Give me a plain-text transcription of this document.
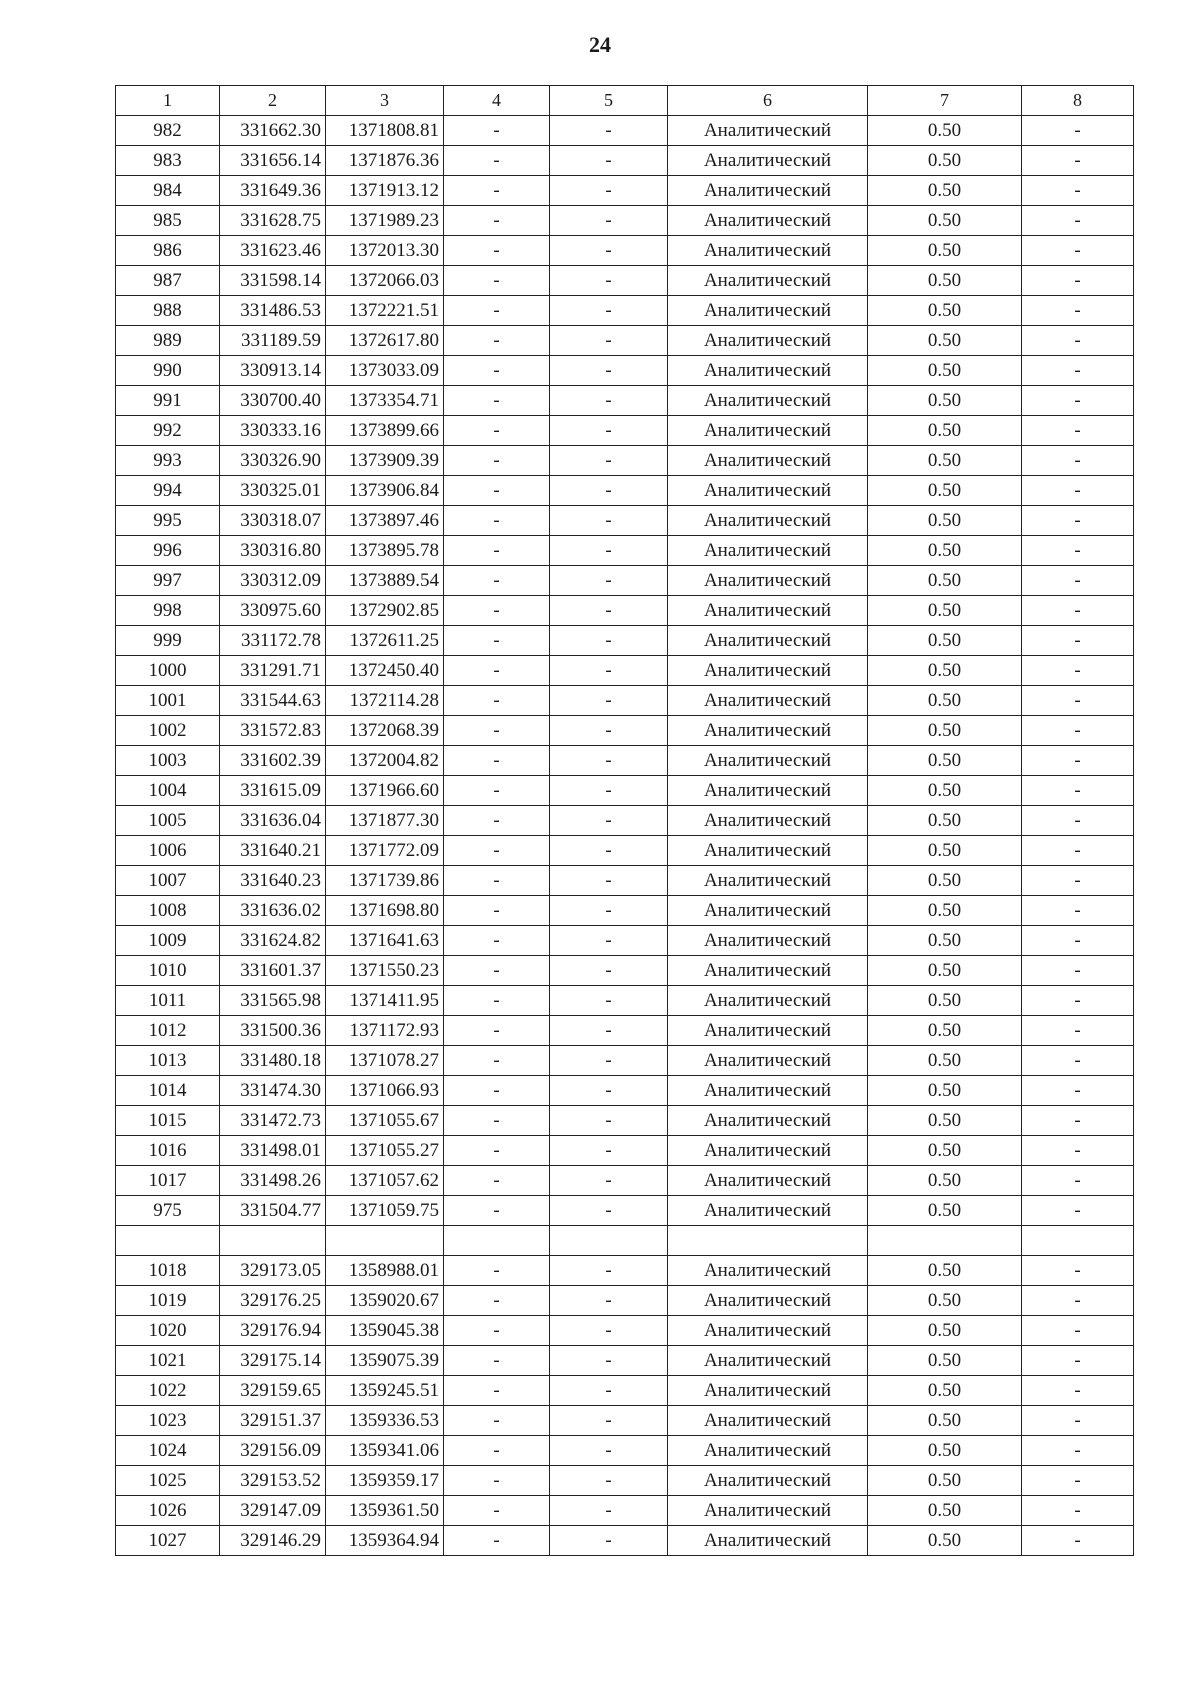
24
1	2	3	4	5	6	7	8
982	331662.30	1371808.81	-	-	Аналитический	0.50	-
983	331656.14	1371876.36	-	-	Аналитический	0.50	-
984	331649.36	1371913.12	-	-	Аналитический	0.50	-
985	331628.75	1371989.23	-	-	Аналитический	0.50	-
986	331623.46	1372013.30	-	-	Аналитический	0.50	-
987	331598.14	1372066.03	-	-	Аналитический	0.50	-
988	331486.53	1372221.51	-	-	Аналитический	0.50	-
989	331189.59	1372617.80	-	-	Аналитический	0.50	-
990	330913.14	1373033.09	-	-	Аналитический	0.50	-
991	330700.40	1373354.71	-	-	Аналитический	0.50	-
992	330333.16	1373899.66	-	-	Аналитический	0.50	-
993	330326.90	1373909.39	-	-	Аналитический	0.50	-
994	330325.01	1373906.84	-	-	Аналитический	0.50	-
995	330318.07	1373897.46	-	-	Аналитический	0.50	-
996	330316.80	1373895.78	-	-	Аналитический	0.50	-
997	330312.09	1373889.54	-	-	Аналитический	0.50	-
998	330975.60	1372902.85	-	-	Аналитический	0.50	-
999	331172.78	1372611.25	-	-	Аналитический	0.50	-
1000	331291.71	1372450.40	-	-	Аналитический	0.50	-
1001	331544.63	1372114.28	-	-	Аналитический	0.50	-
1002	331572.83	1372068.39	-	-	Аналитический	0.50	-
1003	331602.39	1372004.82	-	-	Аналитический	0.50	-
1004	331615.09	1371966.60	-	-	Аналитический	0.50	-
1005	331636.04	1371877.30	-	-	Аналитический	0.50	-
1006	331640.21	1371772.09	-	-	Аналитический	0.50	-
1007	331640.23	1371739.86	-	-	Аналитический	0.50	-
1008	331636.02	1371698.80	-	-	Аналитический	0.50	-
1009	331624.82	1371641.63	-	-	Аналитический	0.50	-
1010	331601.37	1371550.23	-	-	Аналитический	0.50	-
1011	331565.98	1371411.95	-	-	Аналитический	0.50	-
1012	331500.36	1371172.93	-	-	Аналитический	0.50	-
1013	331480.18	1371078.27	-	-	Аналитический	0.50	-
1014	331474.30	1371066.93	-	-	Аналитический	0.50	-
1015	331472.73	1371055.67	-	-	Аналитический	0.50	-
1016	331498.01	1371055.27	-	-	Аналитический	0.50	-
1017	331498.26	1371057.62	-	-	Аналитический	0.50	-
975	331504.77	1371059.75	-	-	Аналитический	0.50	-

1018	329173.05	1358988.01	-	-	Аналитический	0.50	-
1019	329176.25	1359020.67	-	-	Аналитический	0.50	-
1020	329176.94	1359045.38	-	-	Аналитический	0.50	-
1021	329175.14	1359075.39	-	-	Аналитический	0.50	-
1022	329159.65	1359245.51	-	-	Аналитический	0.50	-
1023	329151.37	1359336.53	-	-	Аналитический	0.50	-
1024	329156.09	1359341.06	-	-	Аналитический	0.50	-
1025	329153.52	1359359.17	-	-	Аналитический	0.50	-
1026	329147.09	1359361.50	-	-	Аналитический	0.50	-
1027	329146.29	1359364.94	-	-	Аналитический	0.50	-
